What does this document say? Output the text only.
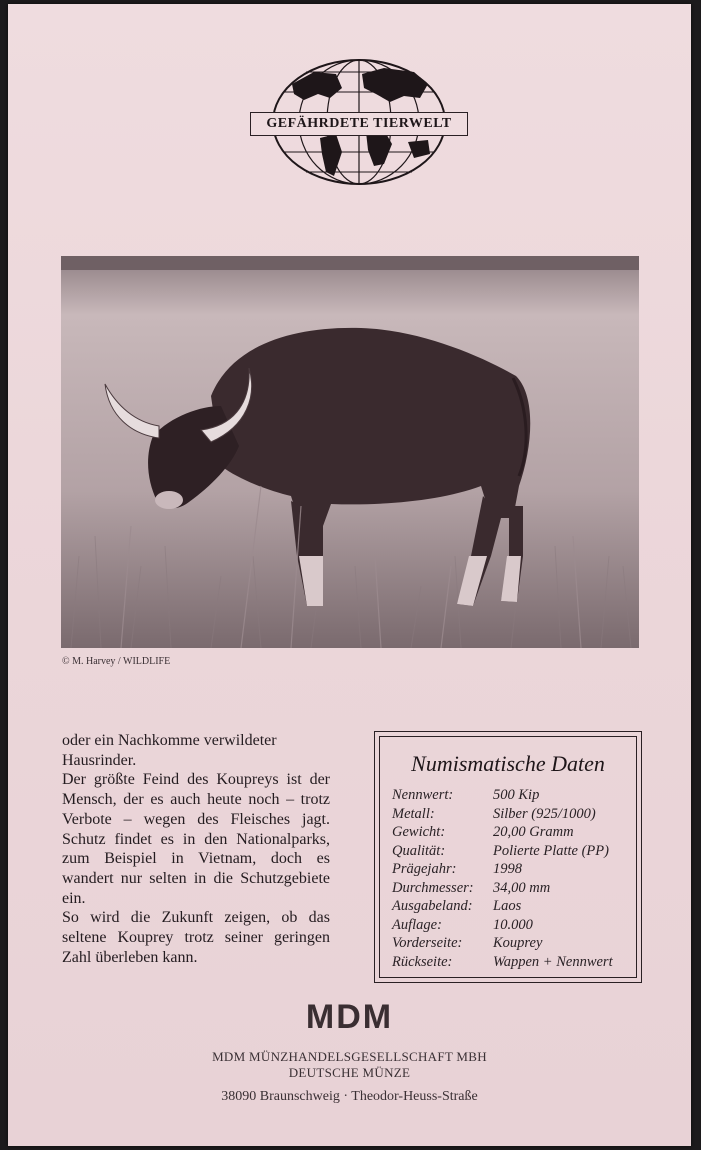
GEFÄHRDETE TIERWELT
© M. Harvey / WILDLIFE

oder ein Nachkomme verwildeter Hausrinder.

Der größte Feind des Koupreys ist der Mensch, der es auch heute noch – trotz Verbote – wegen des Fleisches jagt. Schutz findet es in den Nationalparks, zum Beispiel in Vietnam, doch es wandert nur selten in die Schutzgebiete ein.

So wird die Zukunft zeigen, ob das seltene Kouprey trotz seiner geringen Zahl überleben kann.

Numismatische Daten
Nennwert:	500 Kip
Metall:	Silber (925/1000)
Gewicht:	20,00 Gramm
Qualität:	Polierte Platte (PP)
Prägejahr:	1998
Durchmesser: 34,00 mm
Ausgabeland: Laos
Auflage:	10.000
Vorderseite: Kouprey
Rückseite:	Wappen + Nennwert
MDM
MDM MÜNZHANDELSGESELLSCHAFT MBH
DEUTSCHE MÜNZE
38090 Braunschweig · Theodor-Heuss-Straße
